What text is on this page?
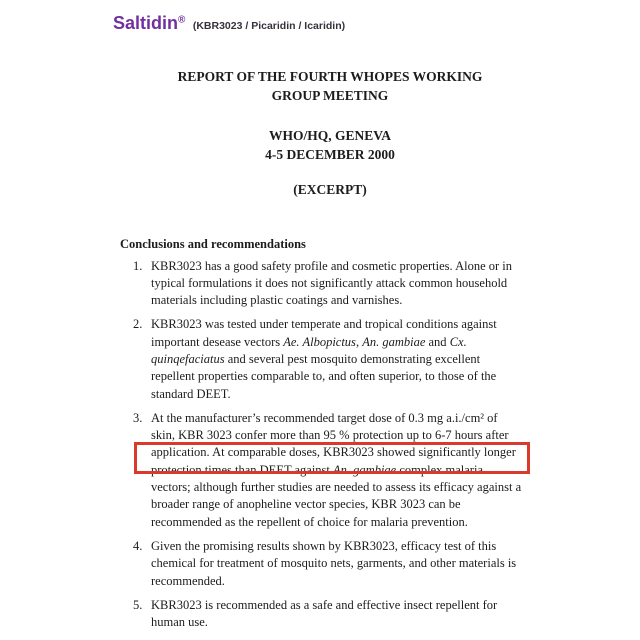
Saltidin® (KBR3023 / Picaridin / Icaridin)
REPORT OF THE FOURTH WHOPES WORKING
GROUP MEETING
WHO/HQ, GENEVA
4-5 DECEMBER 2000
(EXCERPT)
Conclusions and recommendations
1. KBR3023 has a good safety profile and cosmetic properties. Alone or in
typical formulations it does not significantly attack common household
materials including plastic coatings and varnishes.
2. KBR3023 was tested under temperate and tropical conditions against
important desease vectors Ae. Albopictus, An. gambiae and Cx.
quinqefaciatus and several pest mosquito demonstrating excellent
repellent properties comparable to, and often superior, to those of the
standard DEET.
3. At the manufacturer’s recommended target dose of 0.3 mg a.i./cm² of
skin, KBR 3023 confer more than 95 % protection up to 6-7 hours after
application. At comparable doses, KBR3023 showed significantly longer
protection times than DEET against An. gambiae complex malaria
vectors; although further studies are needed to assess its efficacy against a
broader range of anopheline vector species, KBR 3023 can be
recommended as the repellent of choice for malaria prevention.
4. Given the promising results shown by KBR3023, efficacy test of this
chemical for treatment of mosquito nets, garments, and other materials is
recommended.
5. KBR3023 is recommended as a safe and effective insect repellent for
human use.
